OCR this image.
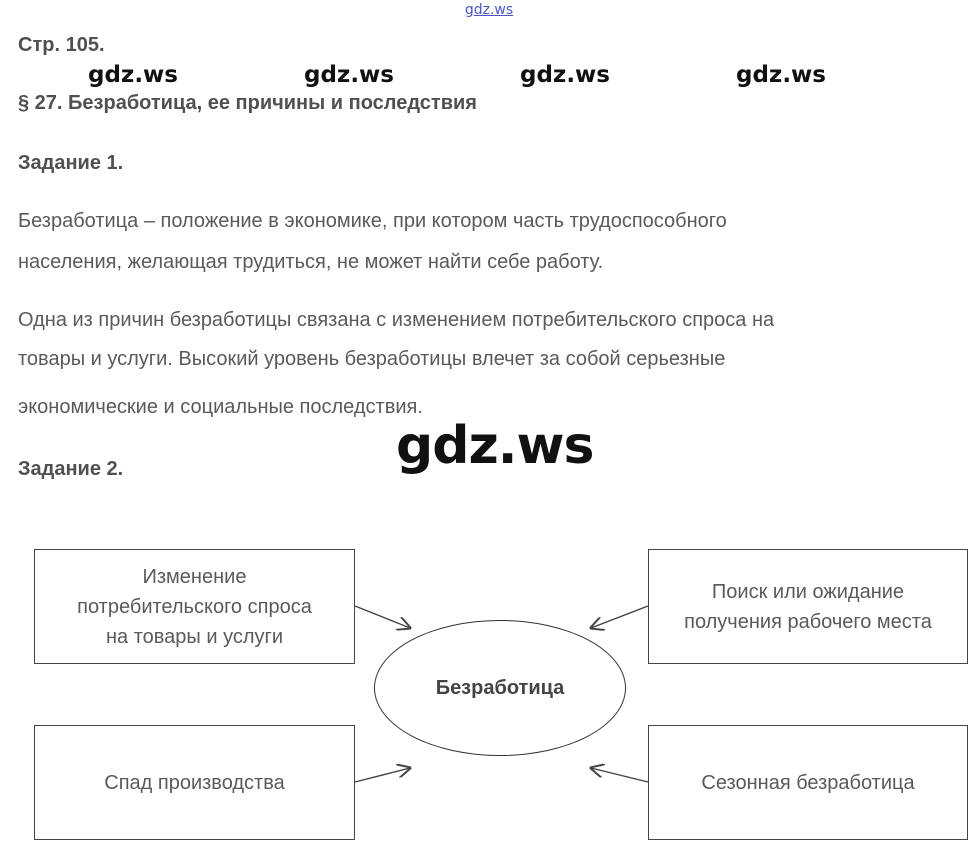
gdz.ws
gdz.ws	gdz.ws	gdz.ws	gdz.ws
Стр. 105.
§ 27. Безработица, ее причины и последствия
Задание 1.
Безработица – положение в экономике, при котором часть трудоспособного
населения, желающая трудиться, не может найти себе работу.
Одна из причин безработицы связана с изменением потребительского спроса на
товары и услуги. Высокий уровень безработицы влечет за собой серьезные
экономические и социальные последствия.
gdz.ws
Задание 2.
Изменение
потребительского спроса
на товары и услуги
Поиск или ожидание
получения рабочего места
Спад производства	Сезонная безработица
Безработица
